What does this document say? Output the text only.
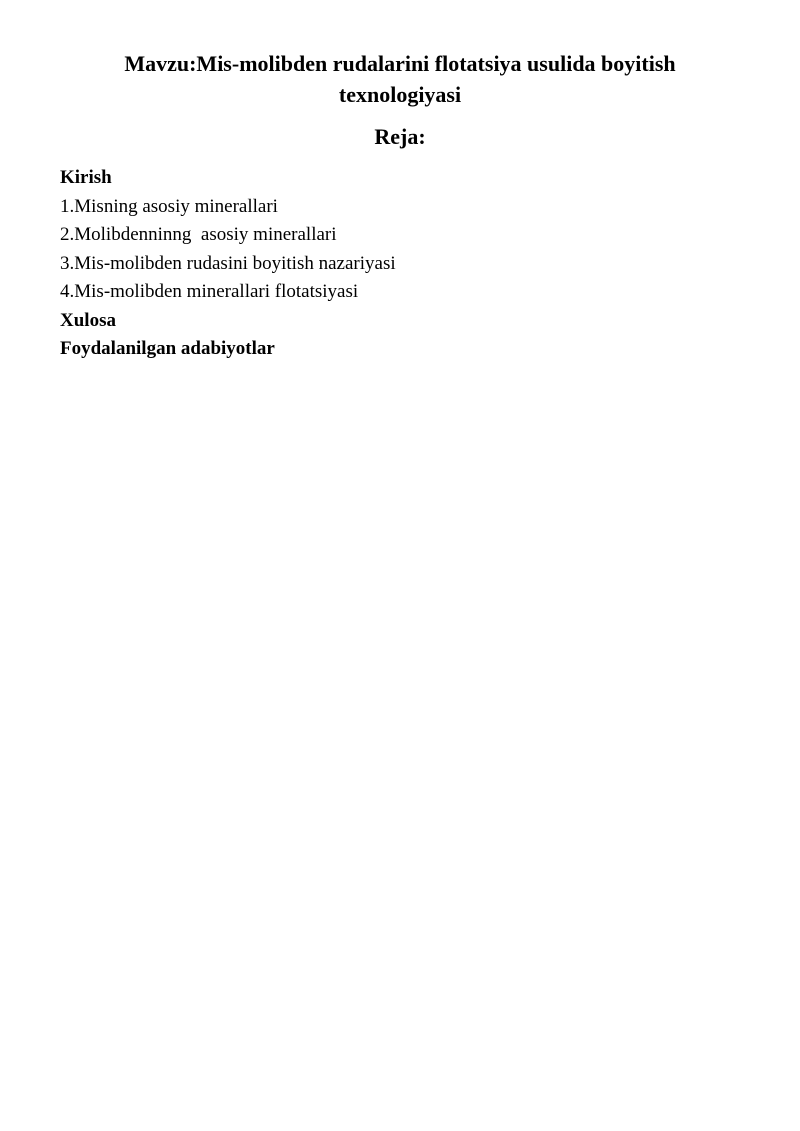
Mavzu:Mis-molibden rudalarini flotatsiya usulida boyitish
texnologiyasi
Reja:
Kirish
1.Misning asosiy minerallari
2.Molibdenninng  asosiy minerallari
3.Mis-molibden rudasini boyitish nazariyasi
4.Mis-molibden minerallari flotatsiyasi
Xulosa
Foydalanilgan adabiyotlar
